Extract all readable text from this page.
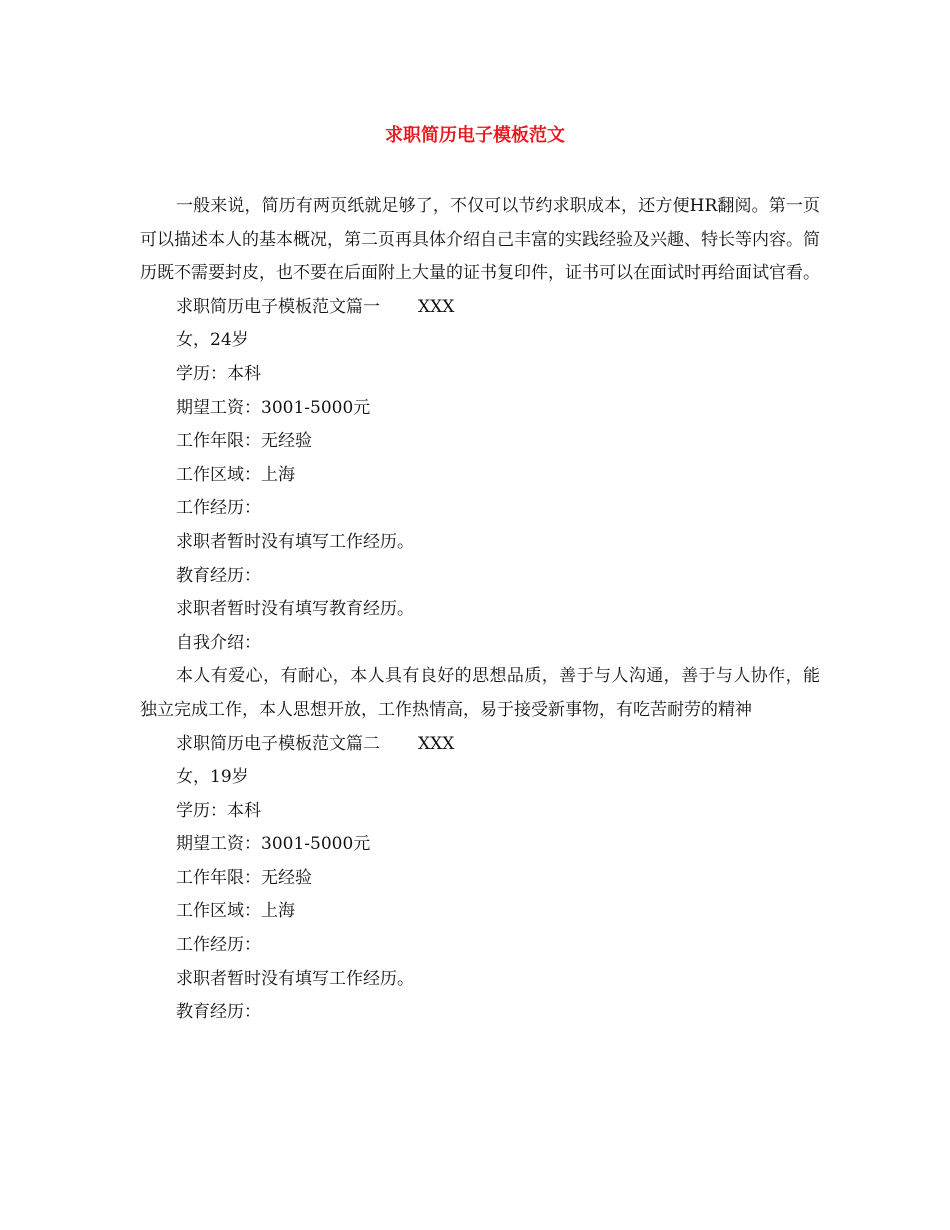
求职简历电子模板范文

一般来说，简历有两页纸就足够了，不仅可以节约求职成本，还方便HR翻阅。第一页可以描述本人的基本概况，第二页再具体介绍自己丰富的实践经验及兴趣、特长等内容。简历既不需要封皮，也不要在后面附上大量的证书复印件，证书可以在面试时再给面试官看。

求职简历电子模板范文篇一 XXX

女，24岁

学历：本科

期望工资：3001-5000元

工作年限：无经验

工作区域：上海

工作经历：

求职者暂时没有填写工作经历。

教育经历：

求职者暂时没有填写教育经历。

自我介绍：

本人有爱心，有耐心，本人具有良好的思想品质，善于与人沟通，善于与人协作，能独立完成工作，本人思想开放，工作热情高，易于接受新事物，有吃苦耐劳的精神

求职简历电子模板范文篇二 XXX

女，19岁

学历：本科

期望工资：3001-5000元

工作年限：无经验

工作区域：上海

工作经历：

求职者暂时没有填写工作经历。

教育经历：
